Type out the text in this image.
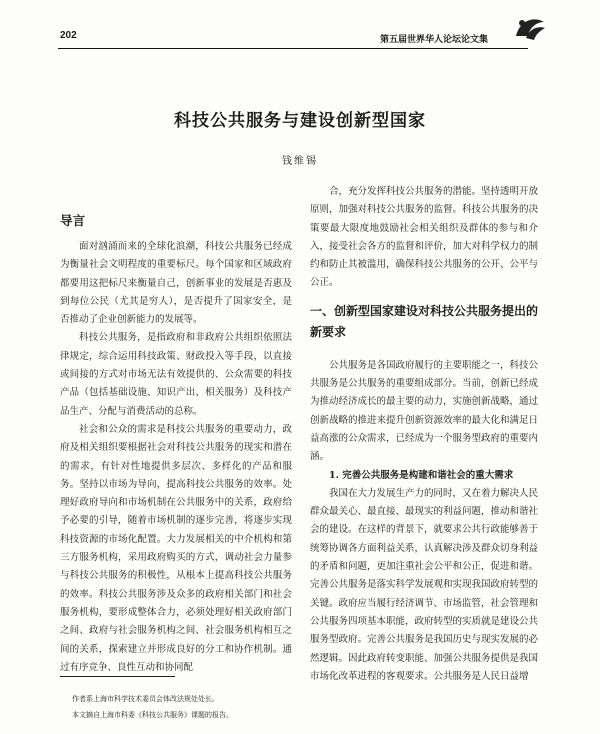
202	第五届世界华人论坛论文集
科技公共服务与建设创新型国家
钱维锡
导言

面对汹涌而来的全球化浪潮，科技公共服务已经成为衡量社会文明程度的重要标尺。每个国家和区域政府都要用这把标尺来衡量自己，创新事业的发展是否惠及到每位公民（尤其是穷人），是否提升了国家安全，是否推动了企业创新能力的发展等。

科技公共服务，是指政府和非政府公共组织依照法律规定，综合运用科技政策、财政投入等手段，以直接或间接的方式对市场无法有效提供的、公众需要的科技产品（包括基础设施、知识产出、相关服务）及科技产品生产、分配与消费活动的总称。

社会和公众的需求是科技公共服务的重要动力，政府及相关组织要根据社会对科技公共服务的现实和潜在的需求，有针对性地提供多层次、多样化的产品和服务。坚持以市场为导向，提高科技公共服务的效率。处理好政府导向和市场机制在公共服务中的关系，政府给予必要的引导，随着市场机制的逐步完善，将逐步实现科技资源的市场化配置。大力发展相关的中介机构和第三方服务机构，采用政府购买的方式，调动社会力量参与科技公共服务的积极性，从根本上提高科技公共服务的效率。科技公共服务涉及众多的政府相关部门和社会服务机构，要形成整体合力，必须处理好相关政府部门之间、政府与社会服务机构之间、社会服务机构相互之间的关系，探索建立并形成良好的分工和协作机制。通过有序竞争、良性互动和协同配

合，充分发挥科技公共服务的潜能。坚持透明开放原则，加强对科技公共服务的监督。科技公共服务的决策要最大限度地鼓励社会相关组织及群体的参与和介入，接受社会各方的监督和评价，加大对科学权力的制约和防止其被滥用，确保科技公共服务的公开、公平与公正。

一、创新型国家建设对科技公共服务提出的新要求

公共服务是各国政府履行的主要职能之一，科技公共服务是公共服务的重要组成部分。当前，创新已经成为推动经济成长的最主要的动力，实施创新战略，通过创新战略的推进来提升创新资源效率的最大化和满足日益高涨的公众需求，已经成为一个服务型政府的重要内涵。

1. 完善公共服务是构建和谐社会的重大需求

我国在大力发展生产力的同时，又在着力解决人民群众最关心、最直接、最现实的利益问题，推动和谐社会的建设。在这样的背景下，就要求公共行政能够善于统筹协调各方面利益关系，认真解决涉及群众切身利益的矛盾和问题，更加注重社会公平和公正，促进和谐。完善公共服务是落实科学发展观和实现我国政府转型的关键。政府应当履行经济调节、市场监管，社会管理和公共服务四项基本职能，政府转型的实质就是建设公共服务型政府。完善公共服务是我国历史与现实发展的必然逻辑。因此政府转变职能、加强公共服务提供是我国市场化改革进程的客观要求。公共服务是人民日益增

作者系上海市科学技术委员会体改法规处处长。
本文摘自上海市科委《科技公共服务》课题的报告。
